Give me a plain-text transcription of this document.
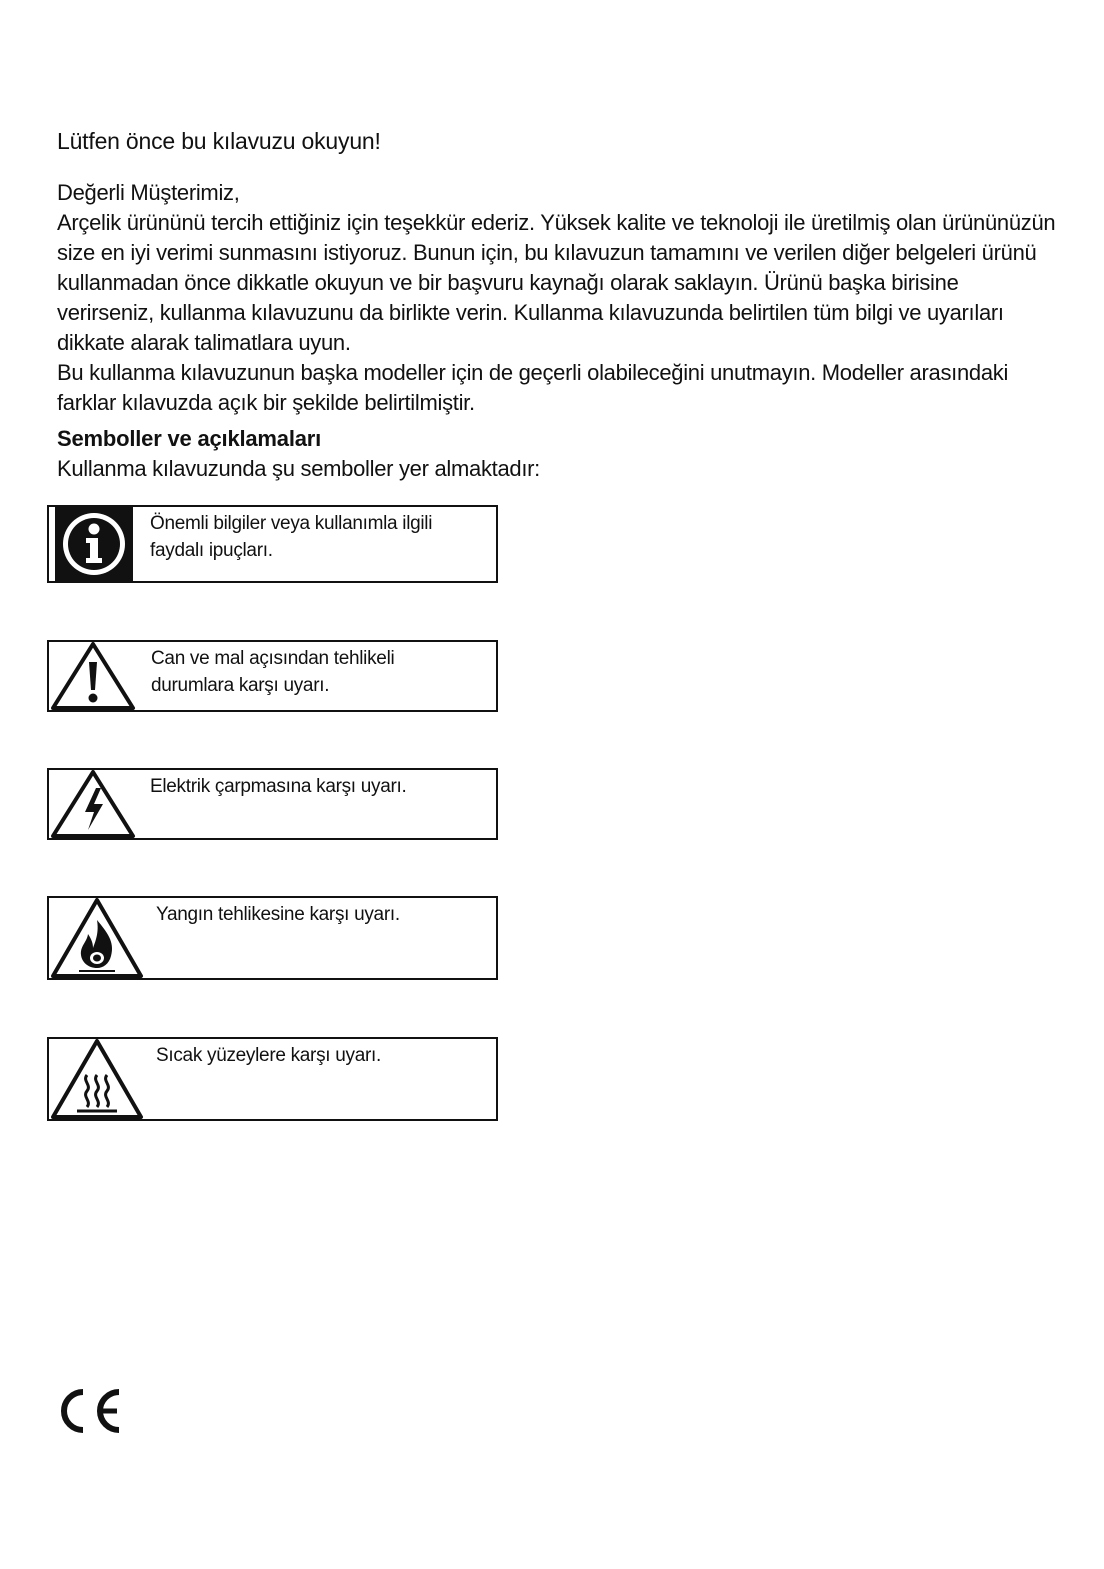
Lütfen önce bu kılavuzu okuyun!

Değerli Müşterimiz,

Arçelik ürününü tercih ettiğiniz için teşekkür ederiz. Yüksek kalite ve teknoloji ile üretilmiş olan ürününüzün size en iyi verimi sunmasını istiyoruz. Bunun için, bu kılavuzun tamamını ve verilen diğer belgeleri ürünü kullanmadan önce dikkatle okuyun ve bir başvuru kaynağı olarak saklayın. Ürünü başka birisine verirseniz, kullanma kılavuzunu da birlikte verin. Kullanma kılavuzunda belirtilen tüm bilgi ve uyarıları dikkate alarak talimatlara uyun.

Bu kullanma kılavuzunun başka modeller için de geçerli olabileceğini unutmayın. Modeller arasındaki farklar kılavuzda açık bir şekilde belirtilmiştir.

Semboller ve açıklamaları
Kullanma kılavuzunda şu semboller yer almaktadır:
Önemli bilgiler veya kullanımla ilgili faydalı ipuçları.
Can ve mal açısından tehlikeli durumlara karşı uyarı.
Elektrik çarpmasına karşı uyarı.
Yangın tehlikesine karşı uyarı.
Sıcak yüzeylere karşı uyarı.
